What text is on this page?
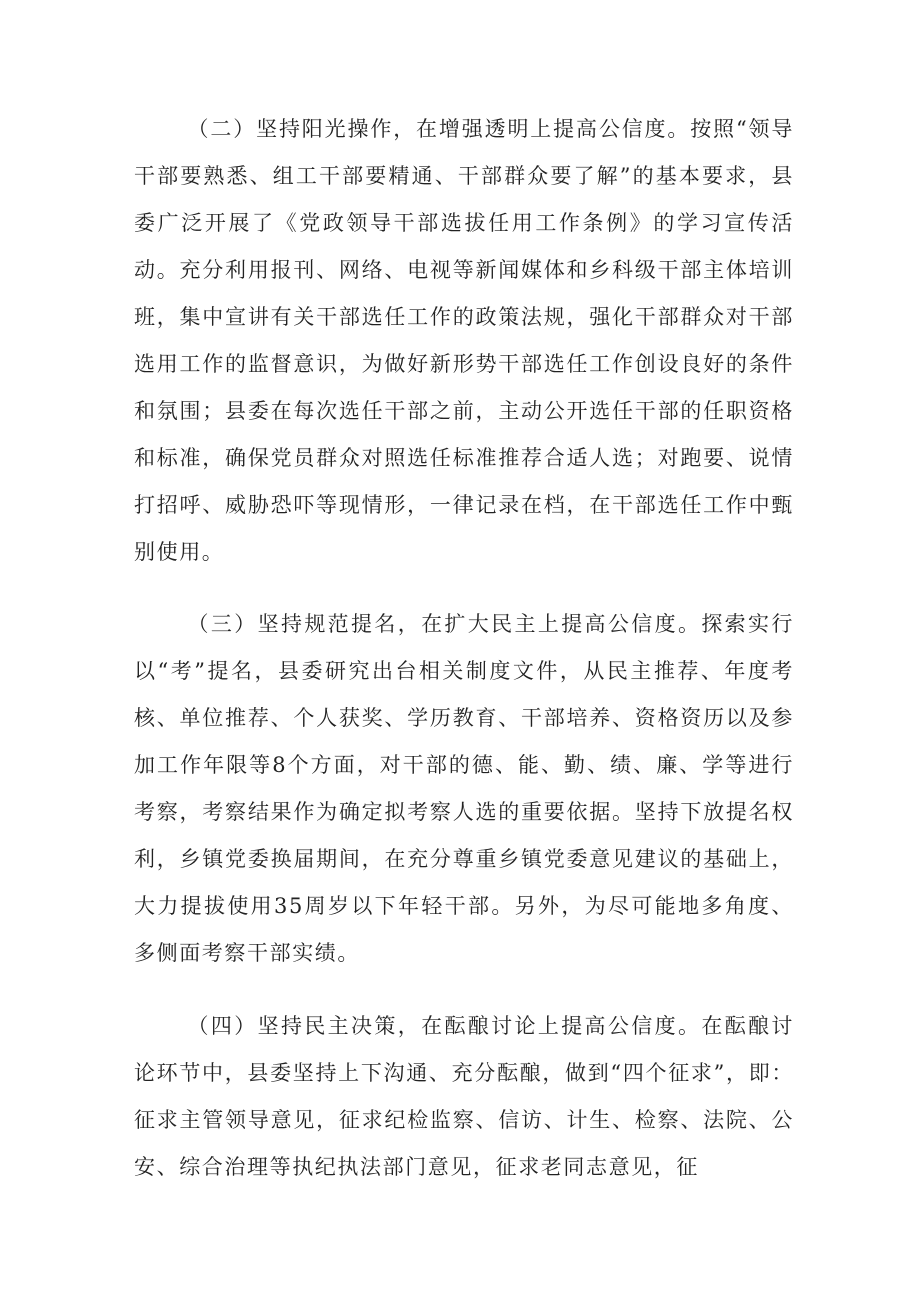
（二）坚持阳光操作，在增强透明上提高公信度。按照“领导干部要熟悉、组工干部要精通、干部群众要了解”的基本要求，县委广泛开展了《党政领导干部选拔任用工作条例》的学习宣传活动。充分利用报刊、网络、电视等新闻媒体和乡科级干部主体培训班，集中宣讲有关干部选任工作的政策法规，强化干部群众对干部选用工作的监督意识，为做好新形势干部选任工作创设良好的条件和氛围；县委在每次选任干部之前，主动公开选任干部的任职资格和标准，确保党员群众对照选任标准推荐合适人选；对跑要、说情打招呼、威胁恐吓等现情形，一律记录在档，在干部选任工作中甄别使用。

（三）坚持规范提名，在扩大民主上提高公信度。探索实行以“考”提名，县委研究出台相关制度文件，从民主推荐、年度考核、单位推荐、个人获奖、学历教育、干部培养、资格资历以及参加工作年限等8个方面，对干部的德、能、勤、绩、廉、学等进行考察，考察结果作为确定拟考察人选的重要依据。坚持下放提名权利，乡镇党委换届期间，在充分尊重乡镇党委意见建议的基础上，大力提拔使用35周岁以下年轻干部。另外，为尽可能地多角度、多侧面考察干部实绩。

（四）坚持民主决策，在酝酿讨论上提高公信度。在酝酿讨论环节中，县委坚持上下沟通、充分酝酿，做到“四个征求”，即：征求主管领导意见，征求纪检监察、信访、计生、检察、法院、公安、综合治理等执纪执法部门意见，征求老同志意见，征
